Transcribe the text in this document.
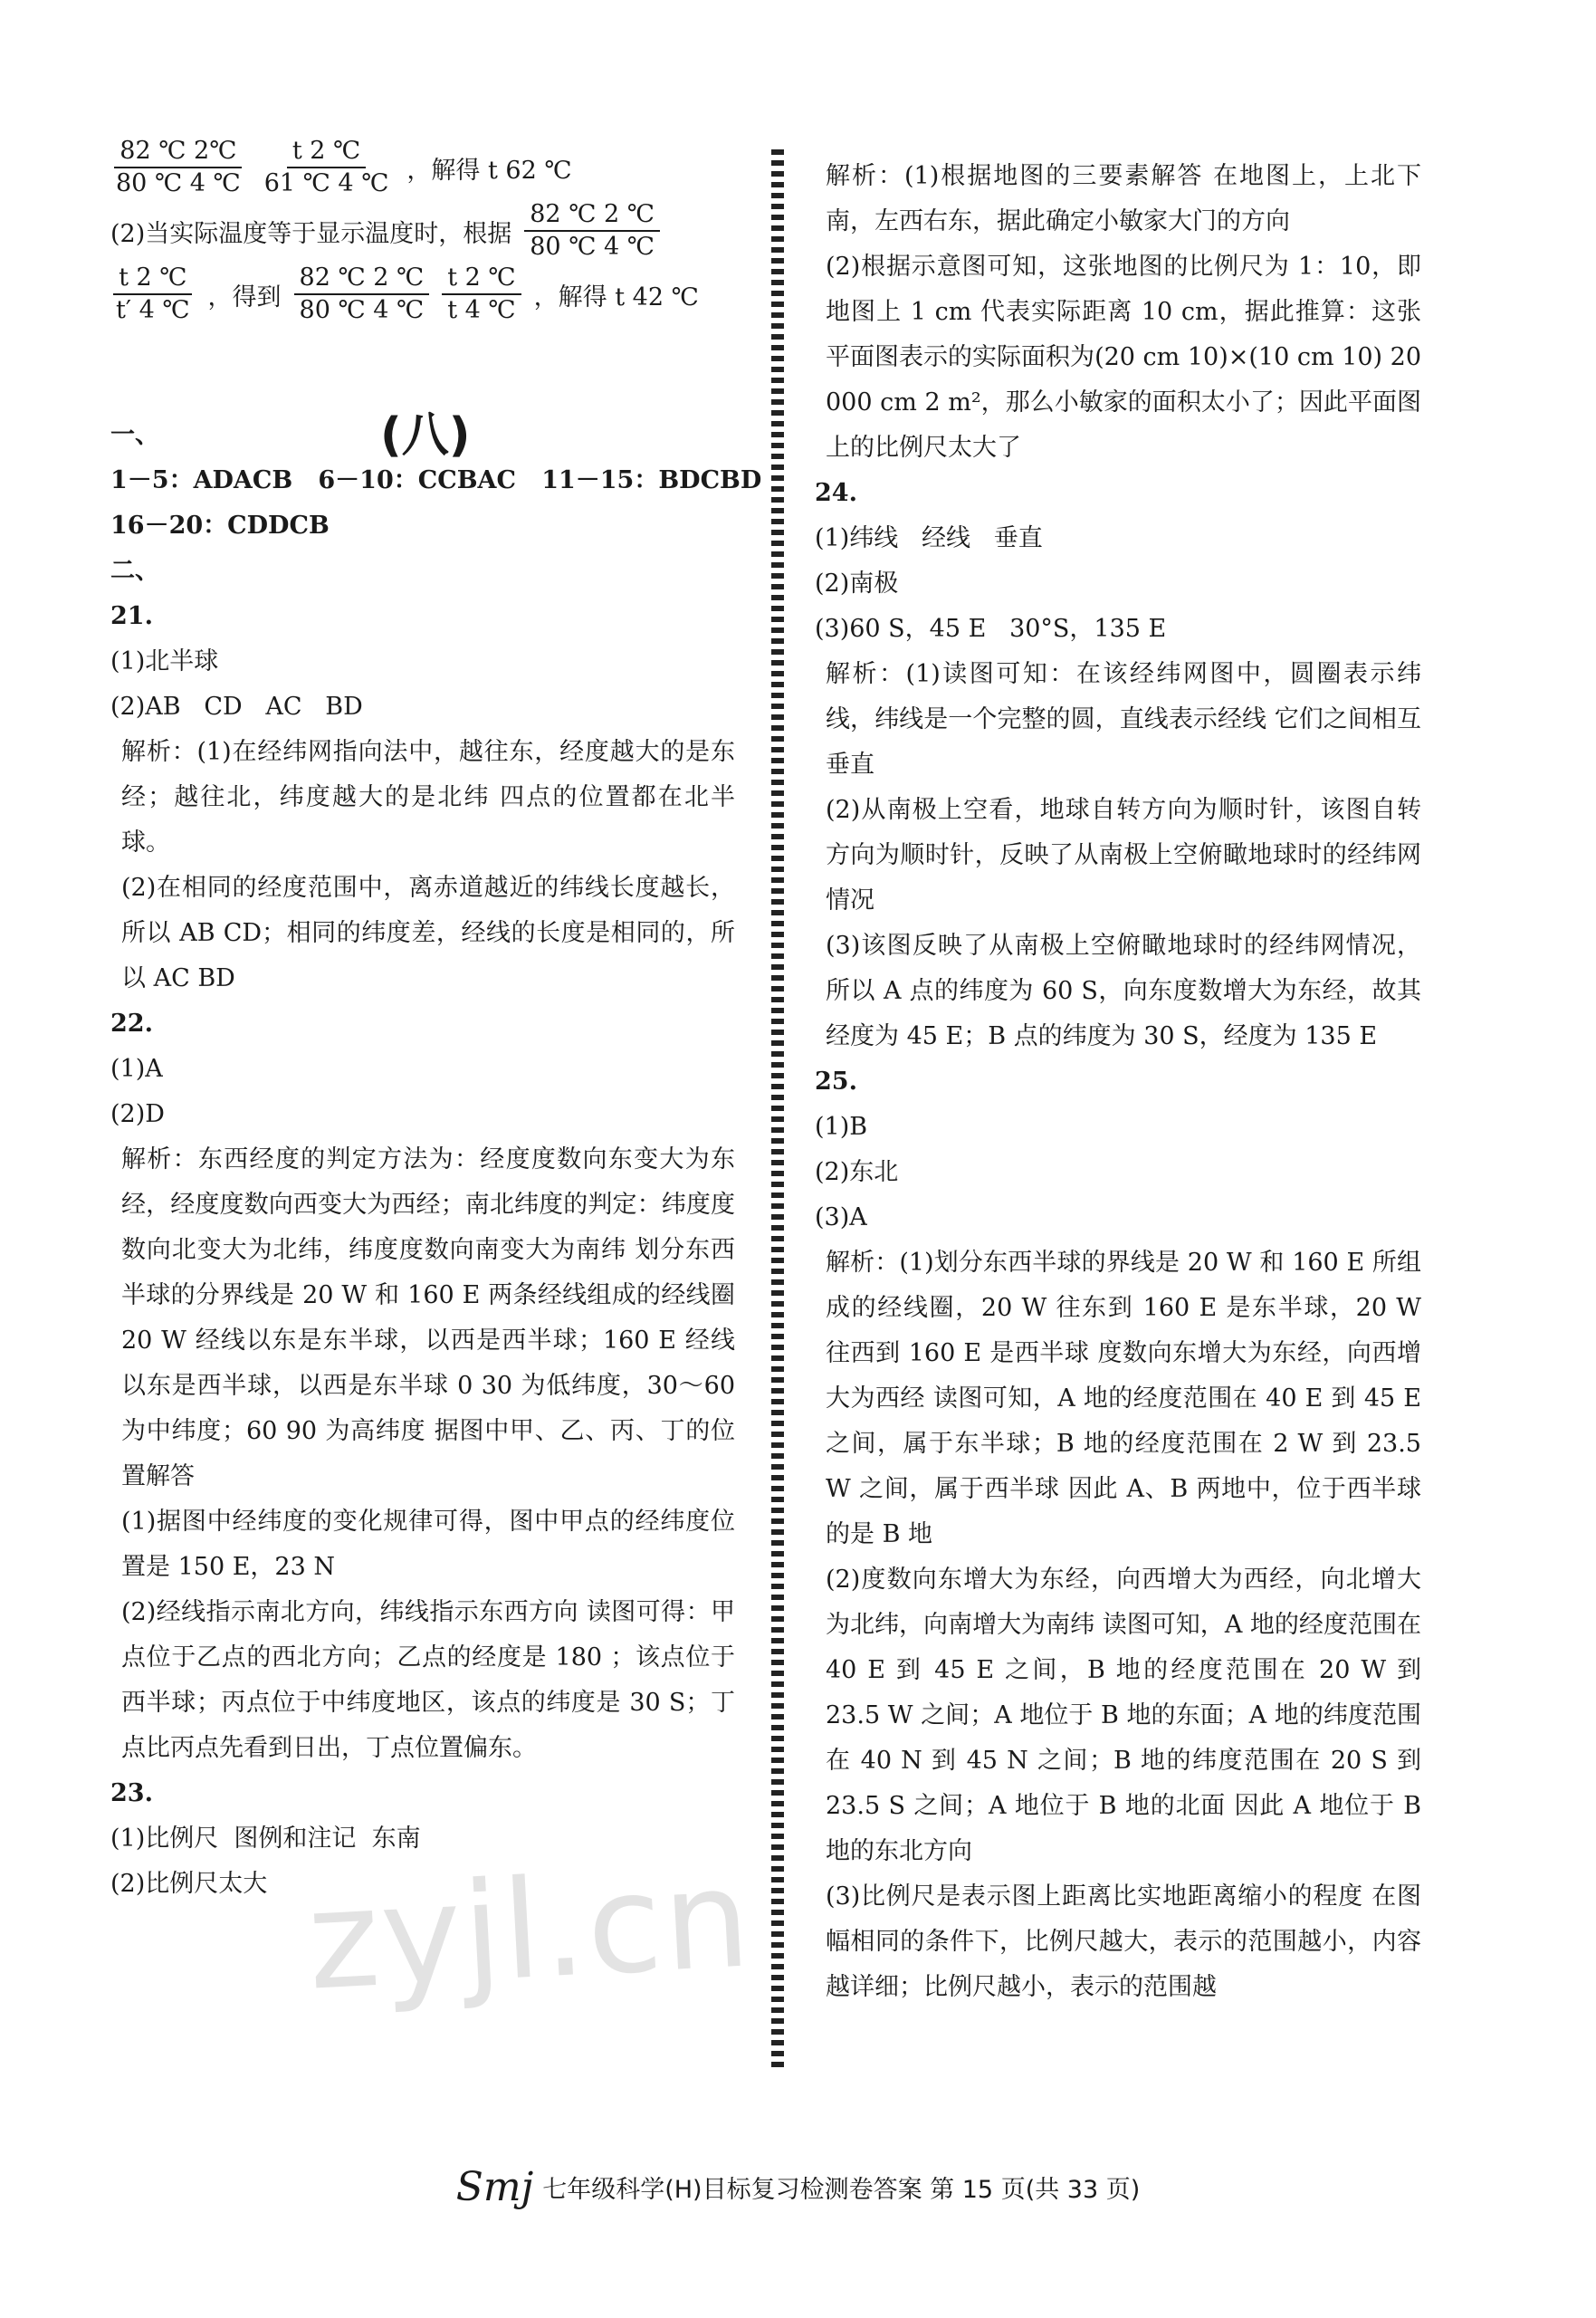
$\frac{82 ℃ 2℃}{80 ℃ 4 ℃} \frac{t 2 ℃}{61 ℃ 4 ℃}$ ，解得 t 62 ℃
(2)当实际温度等于显示温度时，根据 $\frac{82 ℃ 2 ℃}{80 ℃ 4 ℃}$
$\frac{t 2 ℃}{t' 4 ℃}$ ，得到 $\frac{82 ℃ 2 ℃}{80 ℃ 4 ℃} \frac{t 2 ℃}{t 4 ℃}$ ，解得 t 42 ℃
一、
1－5：ADACB   6－10：CCBAC   11－15：BDCBD
16－20：CDDCB
二、
21.
(1)北半球
(2)AB   CD   AC   BD

解析：(1)在经纬网指向法中，越往东，经度越大的是东经；越往北，纬度越大的是北纬 四点的位置都在北半球。

(2)在相同的经度范围中，离赤道越近的纬线长度越长，所以 AB CD；相同的纬度差，经线的长度是相同的，所以 AC BD

22.
(1)A
(2)D

解析：东西经度的判定方法为：经度度数向东变大为东经，经度度数向西变大为西经；南北纬度的判定：纬度度数向北变大为北纬，纬度度数向南变大为南纬 划分东西半球的分界线是 20 W 和 160 E 两条经线组成的经线圈 20 W 经线以东是东半球，以西是西半球；160 E 经线以东是西半球，以西是东半球 0 30 为低纬度，30～60 为中纬度；60 90 为高纬度 据图中甲、乙、丙、丁的位置解答

(1)据图中经纬度的变化规律可得，图中甲点的经纬度位置是 150 E，23 N

(2)经线指示南北方向，纬线指示东西方向 读图可得：甲点位于乙点的西北方向；乙点的经度是 180 ；该点位于西半球；丙点位于中纬度地区，该点的纬度是 30 S；丁点比丙点先看到日出，丁点位置偏东。

23.
(1)比例尺  图例和注记  东南
(2)比例尺太大
(八)

解析：(1)根据地图的三要素解答 在地图上，上北下南，左西右东，据此确定小敏家大门的方向

(2)根据示意图可知，这张地图的比例尺为 1：10，即地图上 1 cm 代表实际距离 10 cm，据此推算：这张平面图表示的实际面积为(20 cm 10)×(10 cm 10) 20 000 cm 2 m²，那么小敏家的面积太小了；因此平面图上的比例尺太大了

24.
(1)纬线   经线   垂直
(2)南极
(3)60 S，45 E   30°S，135 E

解析：(1)读图可知：在该经纬网图中，圆圈表示纬线，纬线是一个完整的圆，直线表示经线 它们之间相互垂直

(2)从南极上空看，地球自转方向为顺时针，该图自转方向为顺时针，反映了从南极上空俯瞰地球时的经纬网情况

(3)该图反映了从南极上空俯瞰地球时的经纬网情况，所以 A 点的纬度为 60 S，向东度数增大为东经，故其经度为 45 E；B 点的纬度为 30 S，经度为 135 E

25.
(1)B
(2)东北
(3)A

解析：(1)划分东西半球的界线是 20 W 和 160 E 所组成的经线圈，20 W 往东到 160 E 是东半球，20 W 往西到 160 E 是西半球 度数向东增大为东经，向西增大为西经 读图可知，A 地的经度范围在 40 E 到 45 E 之间，属于东半球；B 地的经度范围在 2 W 到 23.5 W 之间，属于西半球 因此 A、B 两地中，位于西半球的是 B 地

(2)度数向东增大为东经，向西增大为西经，向北增大为北纬，向南增大为南纬 读图可知，A 地的经度范围在 40 E 到 45 E 之间，B 地的经度范围在 20 W 到 23.5 W 之间；A 地位于 B 地的东面；A 地的纬度范围在 40 N 到 45 N 之间；B 地的纬度范围在 20 S 到 23.5 S 之间；A 地位于 B 地的北面 因此 A 地位于 B 地的东北方向

(3)比例尺是表示图上距离比实地距离缩小的程度 在图幅相同的条件下，比例尺越大，表示的范围越小，内容越详细；比例尺越小，表示的范围越

zyjl.cn
Smj 七年级科学(H)目标复习检测卷答案 第 15 页(共 33 页)
